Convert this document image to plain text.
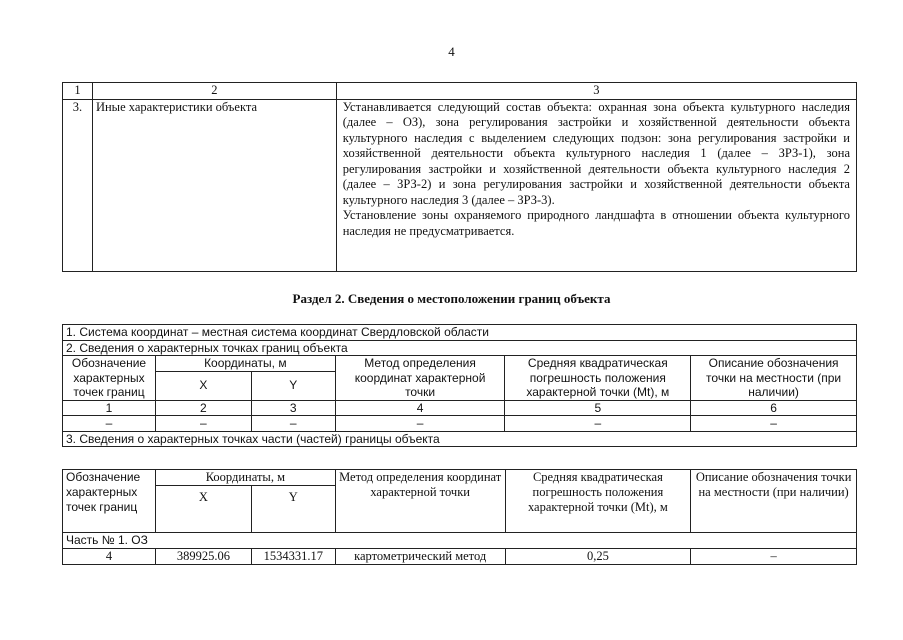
4
1	2	3
3.	Иные характеристики объекта	Устанавливается следующий состав объекта: охранная зона объекта культурного наследия (далее – ОЗ), зона регулирования застройки и хозяйственной деятельности объекта культурного наследия с выделением следующих подзон: зона регулирования застройки и хозяйственной деятельности объекта культурного наследия 1 (далее – ЗРЗ-1), зона регулирования застройки и хозяйственной деятельности объекта культурного наследия 2 (далее – ЗРЗ-2) и зона регулирования застройки и хозяйственной деятельности объекта культурного наследия 3 (далее – ЗРЗ-3).
Установление зоны охраняемого природного ландшафта в отношении объекта культурного наследия не предусматривается.
Раздел 2. Сведения о местоположении границ объекта
1. Система координат – местная система координат Свердловской области					
2. Сведения о характерных точках границ объекта					
Обозначение характерных точек границ	Координаты, м		Метод определения координат характерной точки	Средняя квадратическая погрешность положения характерной точки (Mt), м	Описание обозначения точки на местности (при наличии)
	X	Y			
1	2	3	4	5	6
–	–	–	–	–	–
3. Сведения о характерных точках части (частей) границы объекта					
Обозначение характерных точек границ	Координаты, м		Метод определения координат характерной точки	Средняя квадратическая погрешность положения характерной точки (Mt), м	Описание обозначения точки на местности (при наличии)
	X	Y			
Часть № 1. ОЗ					
4	389925.06	1534331.17	картометрический метод	0,25	–
